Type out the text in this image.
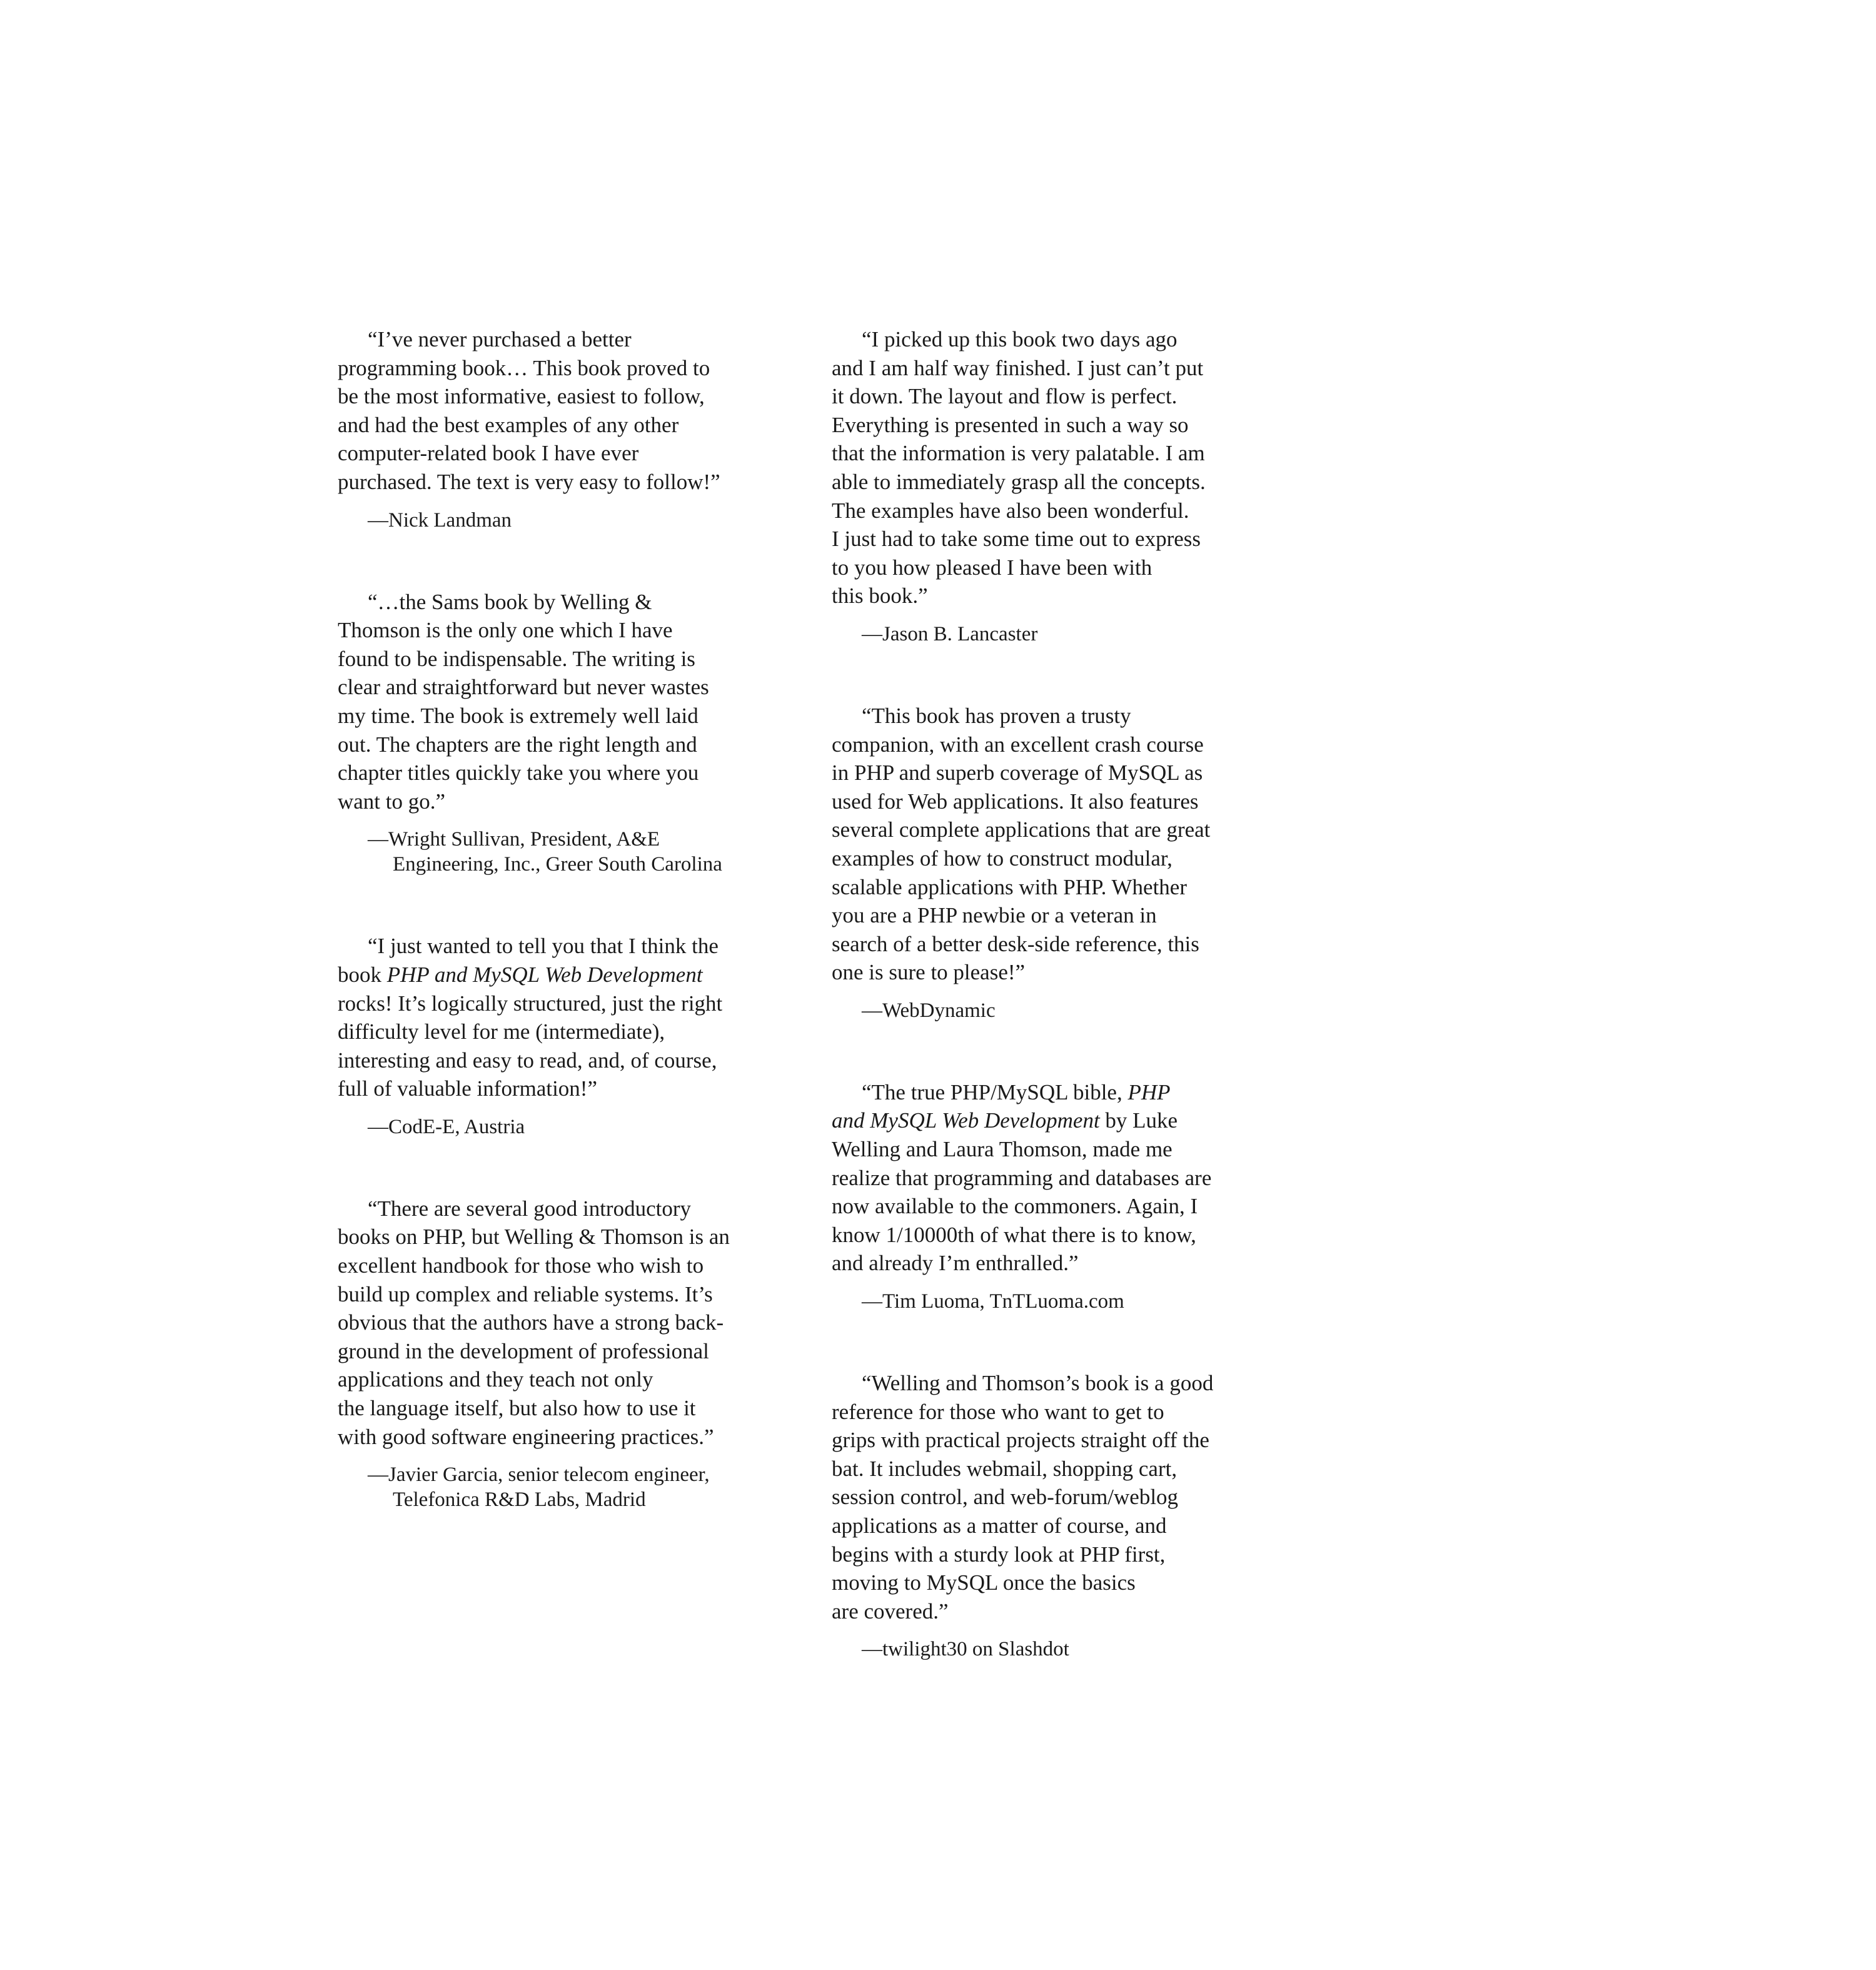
“I’ve never purchased a better
programming book… This book proved to
be the most informative, easiest to follow,
and had the best examples of any other
computer-related book I have ever
purchased. The text is very easy to follow!”

—Nick Landman

“…the Sams book by Welling &
Thomson is the only one which I have
found to be indispensable. The writing is
clear and straightforward but never wastes
my time. The book is extremely well laid
out. The chapters are the right length and
chapter titles quickly take you where you
want to go.”

—Wright Sullivan, President, A&E
Engineering, Inc., Greer South Carolina

“I just wanted to tell you that I think the
book PHP and MySQL Web Development
rocks! It’s logically structured, just the right
difficulty level for me (intermediate),
interesting and easy to read, and, of course,
full of valuable information!”

—CodE-E, Austria

“There are several good introductory
books on PHP, but Welling & Thomson is an
excellent handbook for those who wish to
build up complex and reliable systems. It’s
obvious that the authors have a strong back-
ground in the development of professional
applications and they teach not only
the language itself, but also how to use it
with good software engineering practices.”

—Javier Garcia, senior telecom engineer,
Telefonica R&D Labs, Madrid

“I picked up this book two days ago
and I am half way finished. I just can’t put
it down. The layout and flow is perfect.
Everything is presented in such a way so
that the information is very palatable. I am
able to immediately grasp all the concepts.
The examples have also been wonderful.
I just had to take some time out to express
to you how pleased I have been with
this book.”

—Jason B. Lancaster

“This book has proven a trusty
companion, with an excellent crash course
in PHP and superb coverage of MySQL as
used for Web applications. It also features
several complete applications that are great
examples of how to construct modular,
scalable applications with PHP. Whether
you are a PHP newbie or a veteran in
search of a better desk-side reference, this
one is sure to please!”

—WebDynamic

“The true PHP/MySQL bible, PHP
and MySQL Web Development by Luke
Welling and Laura Thomson, made me
realize that programming and databases are
now available to the commoners. Again, I
know 1/10000th of what there is to know,
and already I’m enthralled.”

—Tim Luoma, TnTLuoma.com

“Welling and Thomson’s book is a good
reference for those who want to get to
grips with practical projects straight off the
bat. It includes webmail, shopping cart,
session control, and web-forum/weblog
applications as a matter of course, and
begins with a sturdy look at PHP first,
moving to MySQL once the basics
are covered.”

—twilight30 on Slashdot
